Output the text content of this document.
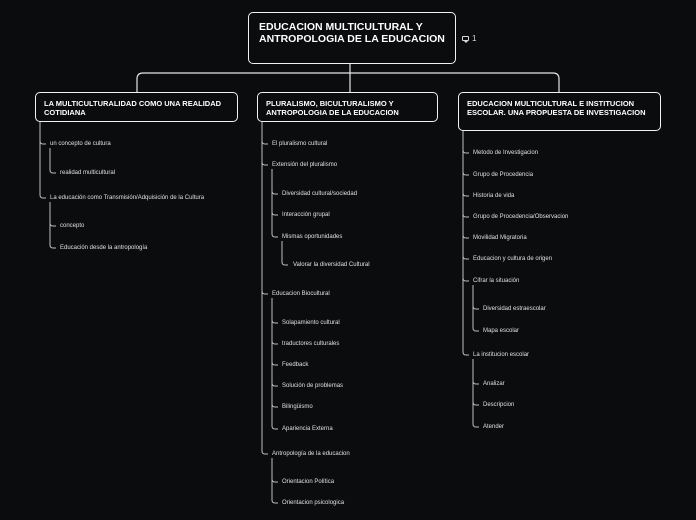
EDUCACION MULTICULTURAL Y ANTROPOLOGIA DE LA EDUCACION	1
LA MULTICULTURALIDAD COMO UNA REALIDAD COTIDIANA
un concepto de cultura
realidad multicultural
La educación como Transmisión/Adquisición de la Cultura
concepto
Educación desde la antropología
PLURALISMO, BICULTURALISMO Y ANTROPOLOGIA DE LA EDUCACION
El pluralismo cultural
Extensión del pluralismo
Diversidad cultural/sociedad
Interacción grupal
Mismas oportunidades
Valorar la diversidad Cultural
Educacion Biocultural
Solapamiento cultural
traductores culturales
Feedback
Solución de problemas
Bilingüismo
Apariencia Externa
Antropología de la educacion
Orientacion Política
Orientacion psicologica
EDUCACION MULTICULTURAL E INSTITUCION ESCOLAR. UNA PROPUESTA DE INVESTIGACION
Metodo de Investigacion
Grupo de Procedencia
Historia de vida
Grupo de Procedencia/Observacion
Movilidad Migratoria
Educacion y cultura de origen
Cifrar la situación
Diversidad estraescolar
Mapa escolar
La institucion escolar
Analizar
Descripcion
Atender
